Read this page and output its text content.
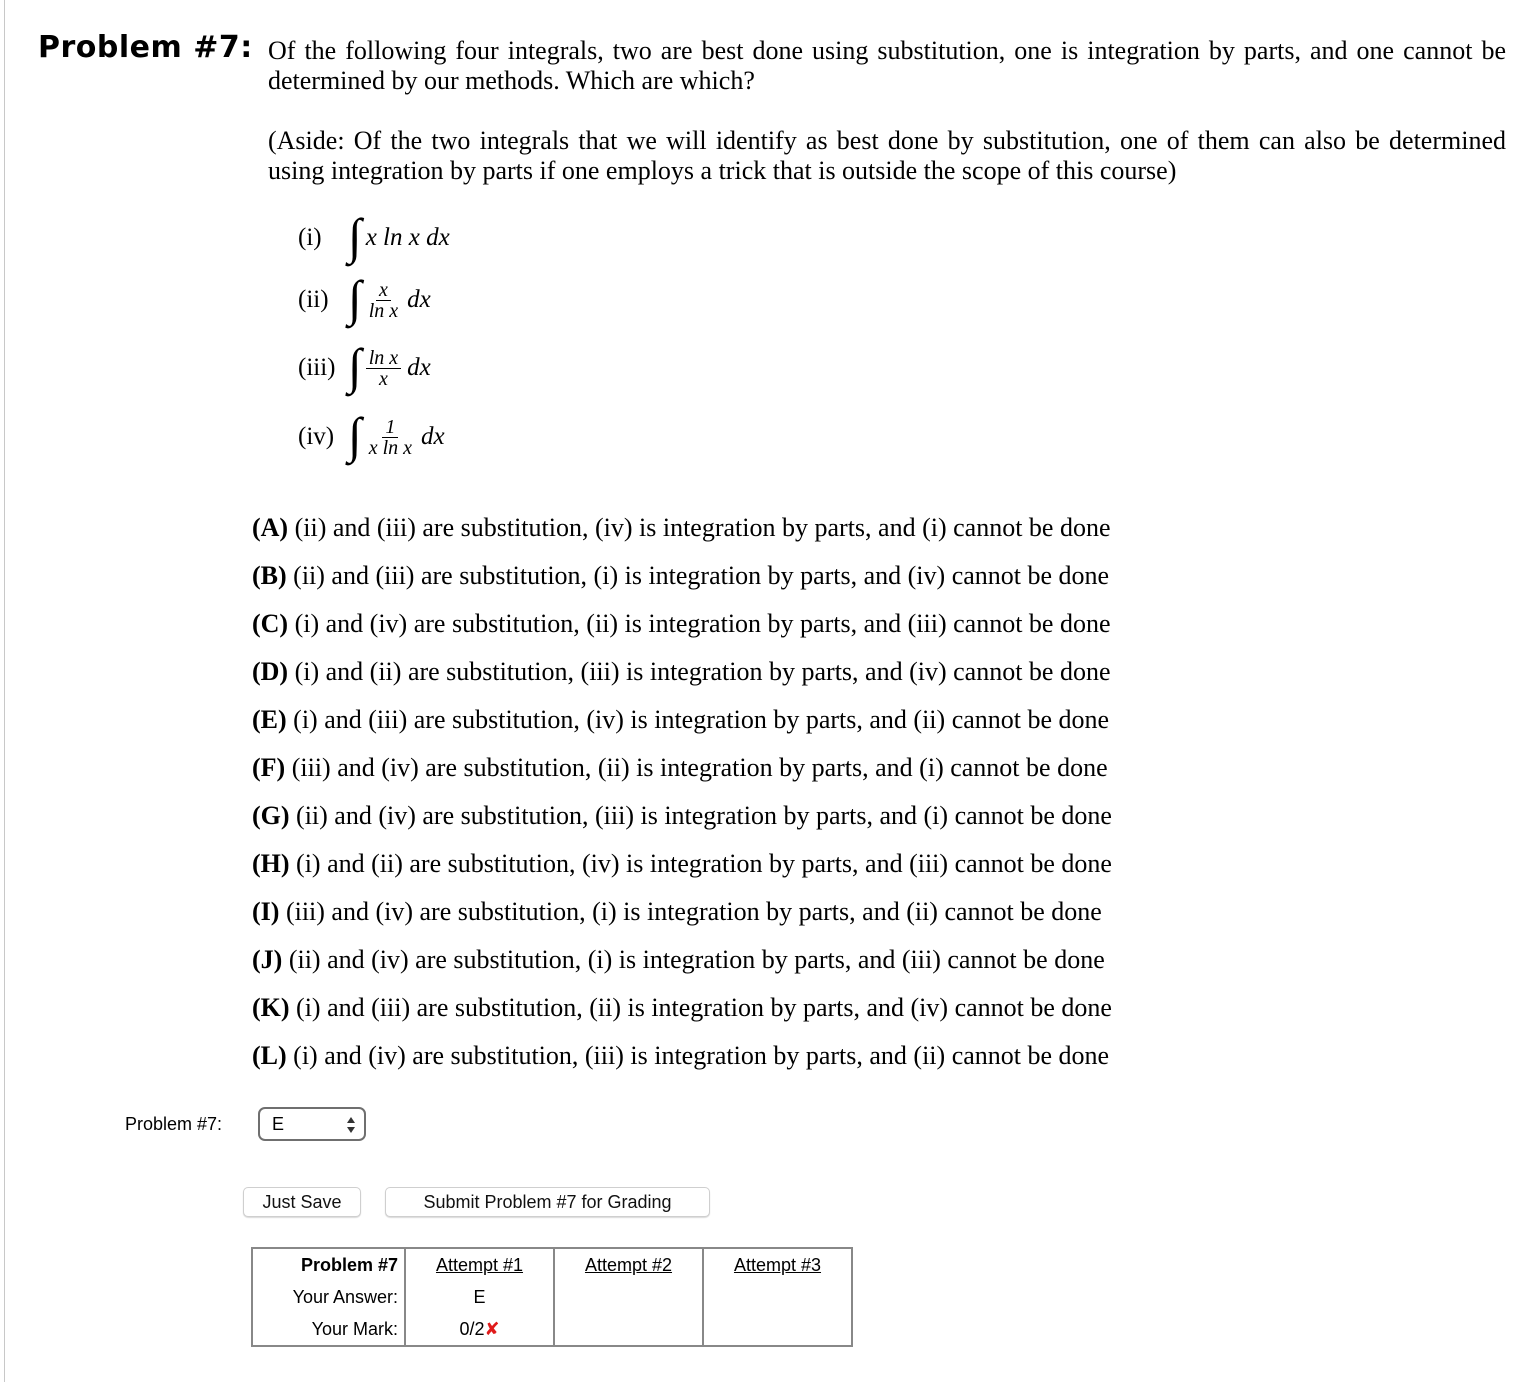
Problem #7: Of the following four integrals, two are best done using substitution, one is integration by parts, and one cannot be determined by our methods. Which are which?
(Aside: Of the two integrals that we will identify as best done by substitution, one of them can also be determined using integration by parts if one employs a trick that is outside the scope of this course)
(i) ∫ x ln x dx
(ii) ∫ $\frac{x}{\text{ln x}}$ dx
(iii) ∫ $\frac{\text{ln x}}{x}$ dx
(iv) ∫ $\frac{1}{\text{x ln x}}$ dx
(A) (ii) and (iii) are substitution, (iv) is integration by parts, and (i) cannot be done
(B) (ii) and (iii) are substitution, (i) is integration by parts, and (iv) cannot be done
(C) (i) and (iv) are substitution, (ii) is integration by parts, and (iii) cannot be done
(D) (i) and (ii) are substitution, (iii) is integration by parts, and (iv) cannot be done
(E) (i) and (iii) are substitution, (iv) is integration by parts, and (ii) cannot be done
(F) (iii) and (iv) are substitution, (ii) is integration by parts, and (i) cannot be done
(G) (ii) and (iv) are substitution, (iii) is integration by parts, and (i) cannot be done
(H) (i) and (ii) are substitution, (iv) is integration by parts, and (iii) cannot be done
(I) (iii) and (iv) are substitution, (i) is integration by parts, and (ii) cannot be done
(J) (ii) and (iv) are substitution, (i) is integration by parts, and (iii) cannot be done
(K) (i) and (iii) are substitution, (ii) is integration by parts, and (iv) cannot be done
(L) (i) and (iv) are substitution, (iii) is integration by parts, and (ii) cannot be done
Problem #7:	E
Just Save	Submit Problem #7 for Grading
Problem #7	Attempt #1	Attempt #2	Attempt #3
Your Answer:	E		
Your Mark:	0/2✘		
